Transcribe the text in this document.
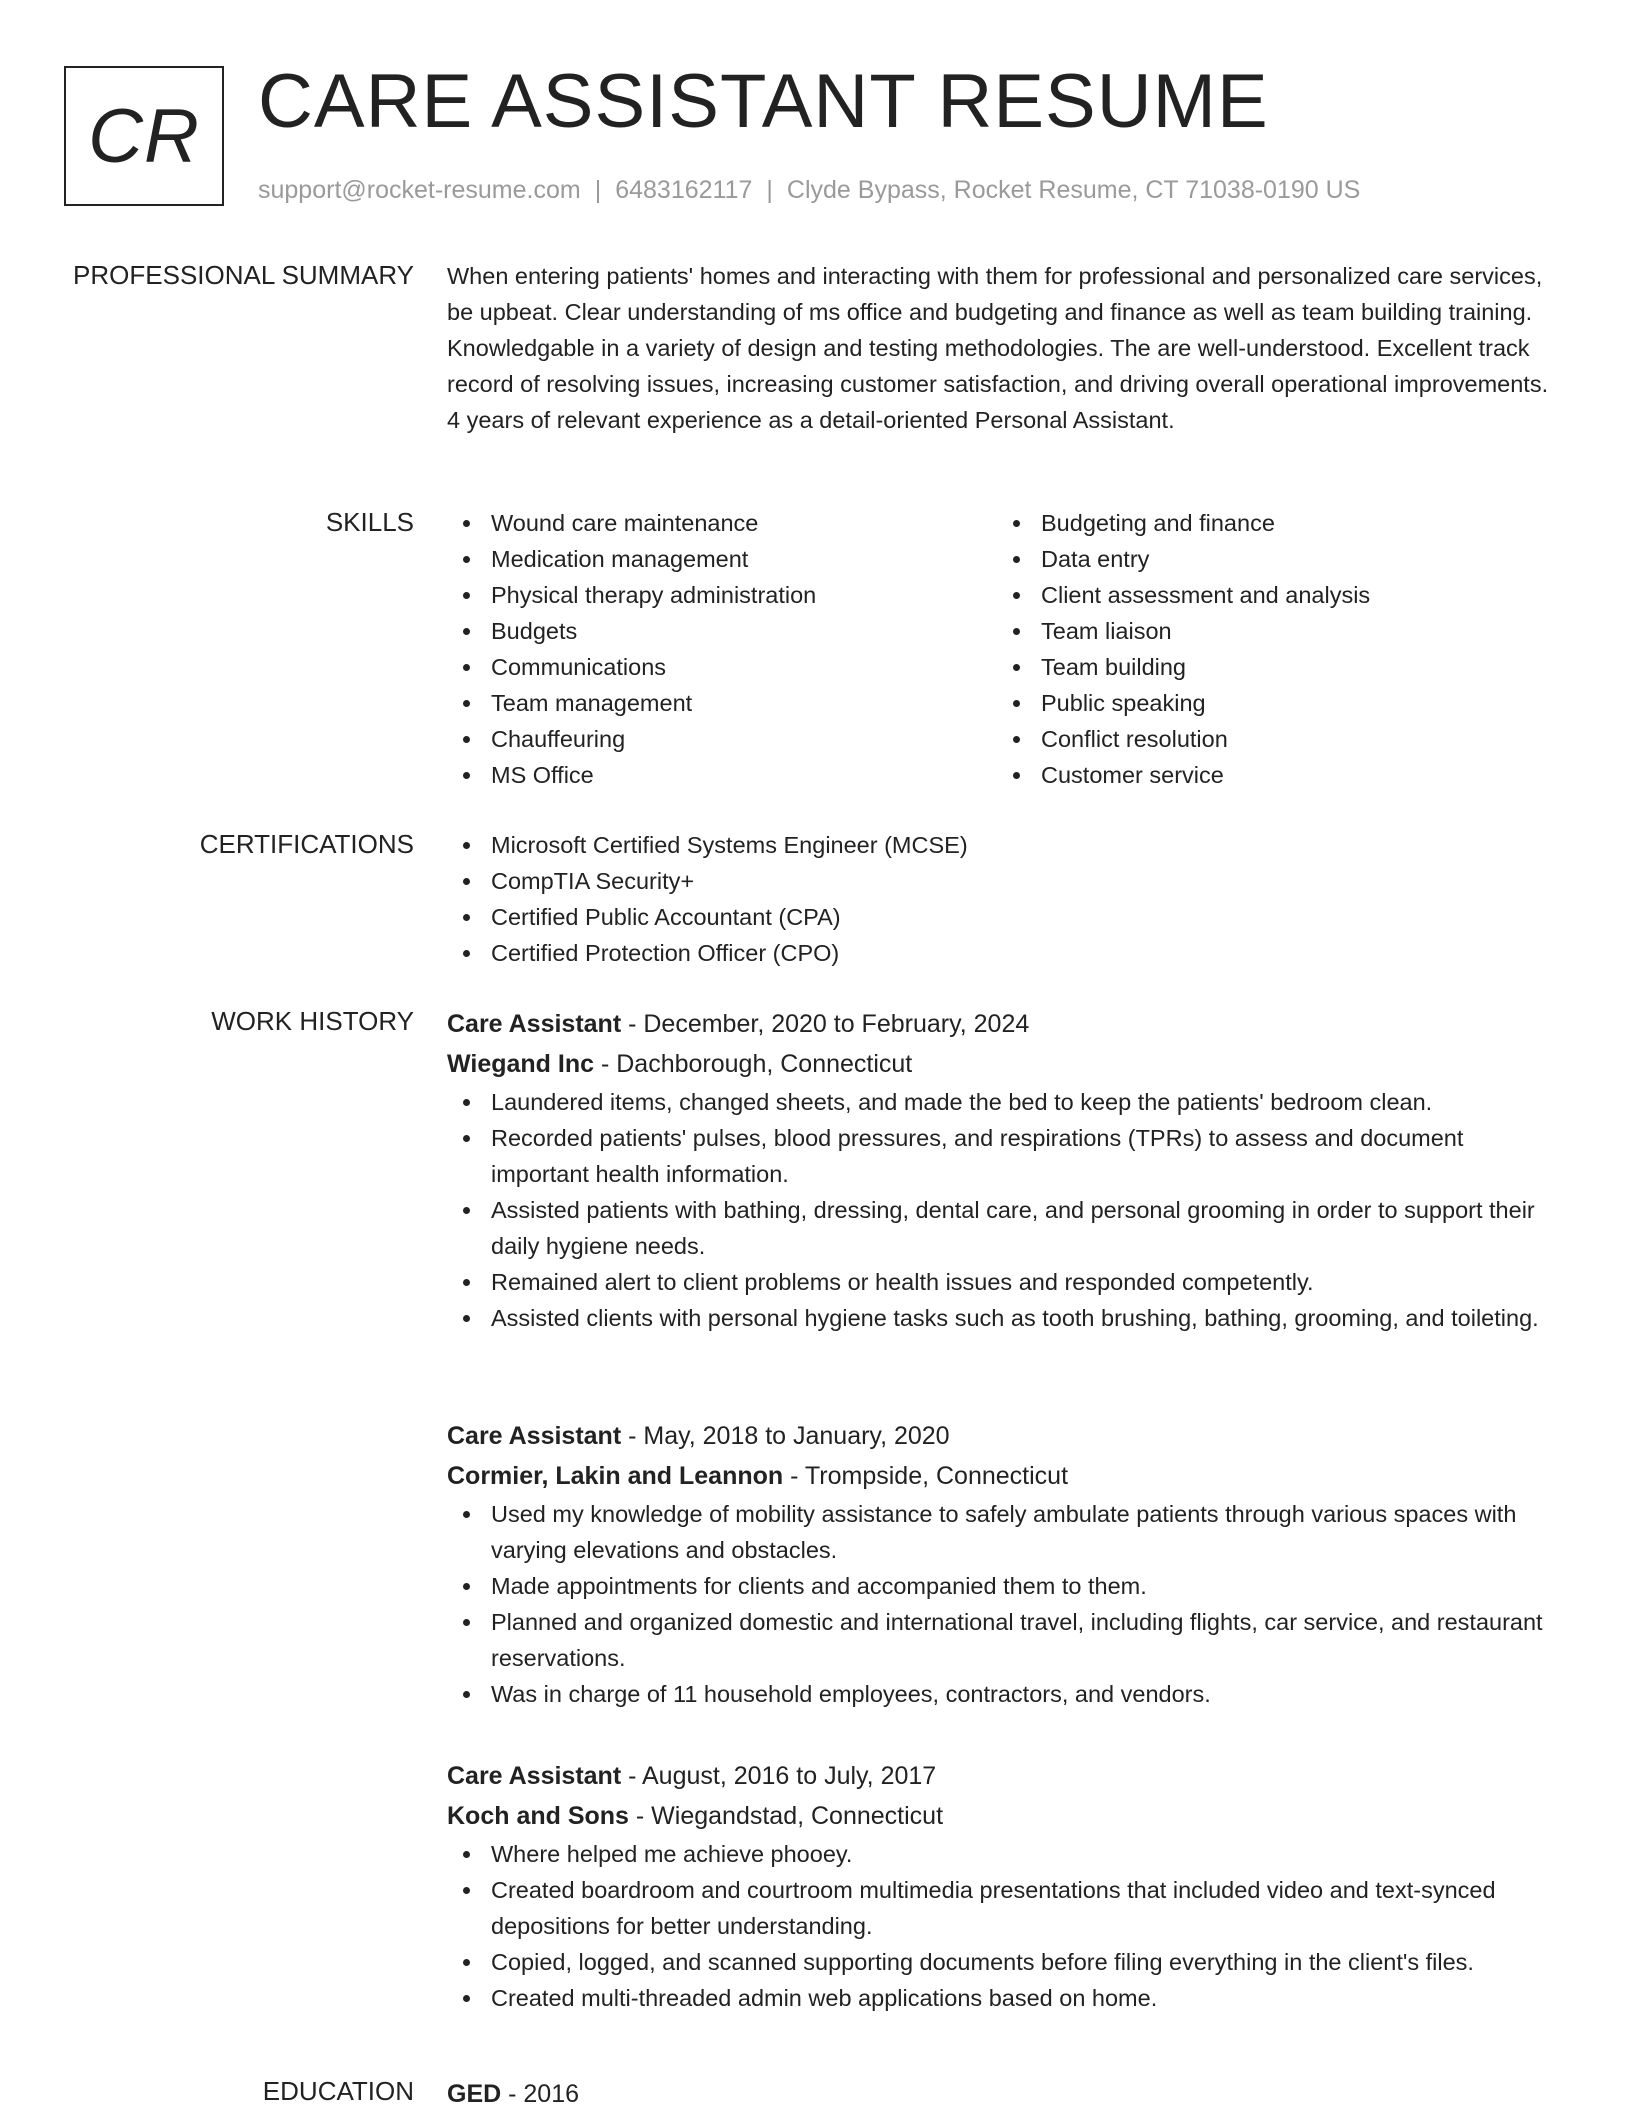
CR CARE ASSISTANT RESUME
support@rocket-resume.com | 6483162117 | Clyde Bypass, Rocket Resume, CT 71038-0190 US
PROFESSIONAL SUMMARY When entering patients' homes and interacting with them for professional and personalized care services, be upbeat. Clear understanding of ms office and budgeting and finance as well as team building training. Knowledgable in a variety of design and testing methodologies. The are well-understood. Excellent track record of resolving issues, increasing customer satisfaction, and driving overall operational improvements. 4 years of relevant experience as a detail-oriented Personal Assistant.

SKILLS	Wound care maintenance
Medication management
Physical therapy administration
Budgets
Communications
Team management
Chauffeuring
MS Office
Budgeting and finance
Data entry
Client assessment and analysis
Team liaison
Team building
Public speaking
Conflict resolution
Customer service
CERTIFICATIONS	Microsoft Certified Systems Engineer (MCSE)
CompTIA Security+
Certified Public Accountant (CPA)
Certified Protection Officer (CPO)
WORK HISTORY Care Assistant - December, 2020 to February, 2024
Wiegand Inc - Dachborough, Connecticut
Laundered items, changed sheets, and made the bed to keep the patients' bedroom clean.
Recorded patients' pulses, blood pressures, and respirations (TPRs) to assess and document important health information.
Assisted patients with bathing, dressing, dental care, and personal grooming in order to support their daily hygiene needs.
Remained alert to client problems or health issues and responded competently.
Assisted clients with personal hygiene tasks such as tooth brushing, bathing, grooming, and toileting.
Care Assistant - May, 2018 to January, 2020
Cormier, Lakin and Leannon - Trompside, Connecticut
Used my knowledge of mobility assistance to safely ambulate patients through various spaces with varying elevations and obstacles.
Made appointments for clients and accompanied them to them.
Planned and organized domestic and international travel, including flights, car service, and restaurant reservations.
Was in charge of 11 household employees, contractors, and vendors.
Care Assistant - August, 2016 to July, 2017
Koch and Sons - Wiegandstad, Connecticut
Where helped me achieve phooey.
Created boardroom and courtroom multimedia presentations that included video and text-synced depositions for better understanding.
Copied, logged, and scanned supporting documents before filing everything in the client's files.
Created multi-threaded admin web applications based on home.
EDUCATION GED - 2016
